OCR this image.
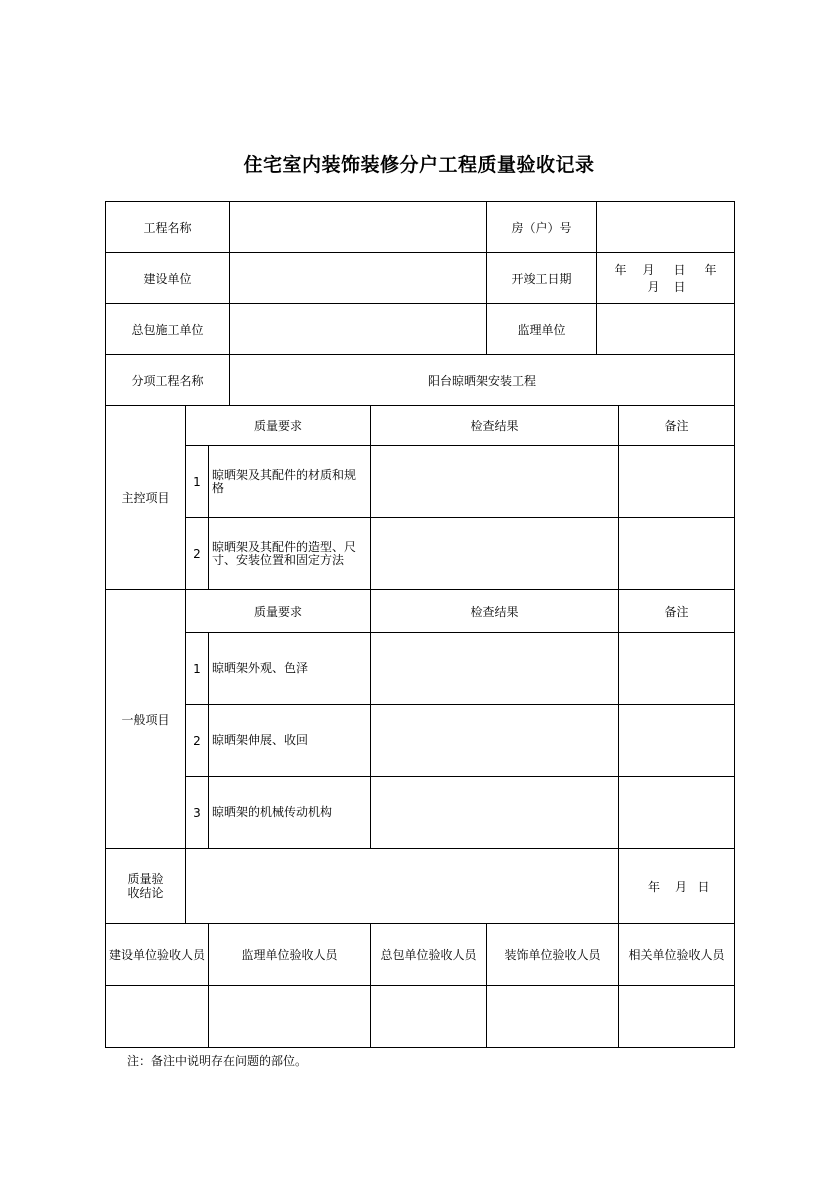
住宅室内装饰装修分户工程质量验收记录
工程名称					房（户）号		
建设单位					开竣工日期	年 月 日 年月 日	
总包施工单位					监理单位		
分项工程名称			阳台晾晒架安装工程				
主控项目	质量要求			检查结果			备注
	1	晾晒架及其配件的材质和规格					
	2	晾晒架及其配件的造型、尺寸、安装位置和固定方法					
一般项目	质量要求			检查结果			备注
	1	晾晒架外观、色泽					
	2	晾晒架伸展、收回					
	3	晾晒架的机械传动机构					
质量验收结论							年 月 日
建设单位验收人员		监理单位验收人员		总包单位验收人员	装饰单位验收人员		相关单位验收人员

注：备注中说明存在问题的部位。
